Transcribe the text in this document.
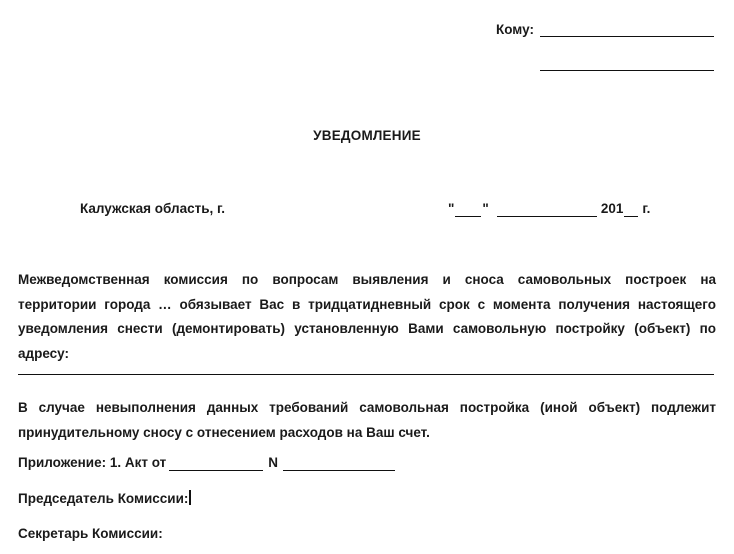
Кому:
УВЕДОМЛЕНИЕ
Калужская область, г.	" "	201 г.
Межведомственная комиссия по вопросам выявления и сноса самовольных построек на
территории города … обязывает Вас в тридцатидневный срок с момента получения настоящего
уведомления снести (демонтировать) установленную Вами самовольную постройку (объект) по
адресу:
В случае невыполнения данных требований самовольная постройка (иной объект) подлежит
принудительному сносу с отнесением расходов на Ваш счет.
Приложение: 1. Акт от	N
Председатель Комиссии:
Секретарь Комиссии:
